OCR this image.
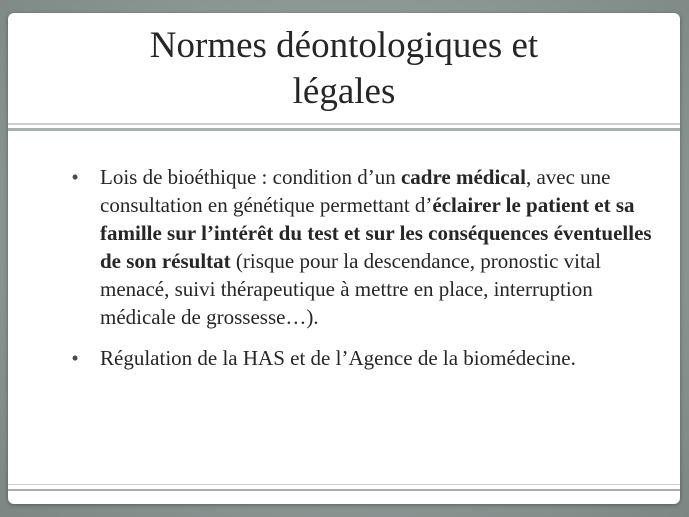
Normes déontologiques et
légales
• Lois de bioéthique : condition d’un cadre médical, avec une consultation en génétique permettant d’éclairer le patient et sa famille sur l’intérêt du test et sur les conséquences éventuelles de son résultat (risque pour la descendance, pronostic vital menacé, suivi thérapeutique à mettre en place, interruption médicale de grossesse…).
• Régulation de la HAS et de l’Agence de la biomédecine.
